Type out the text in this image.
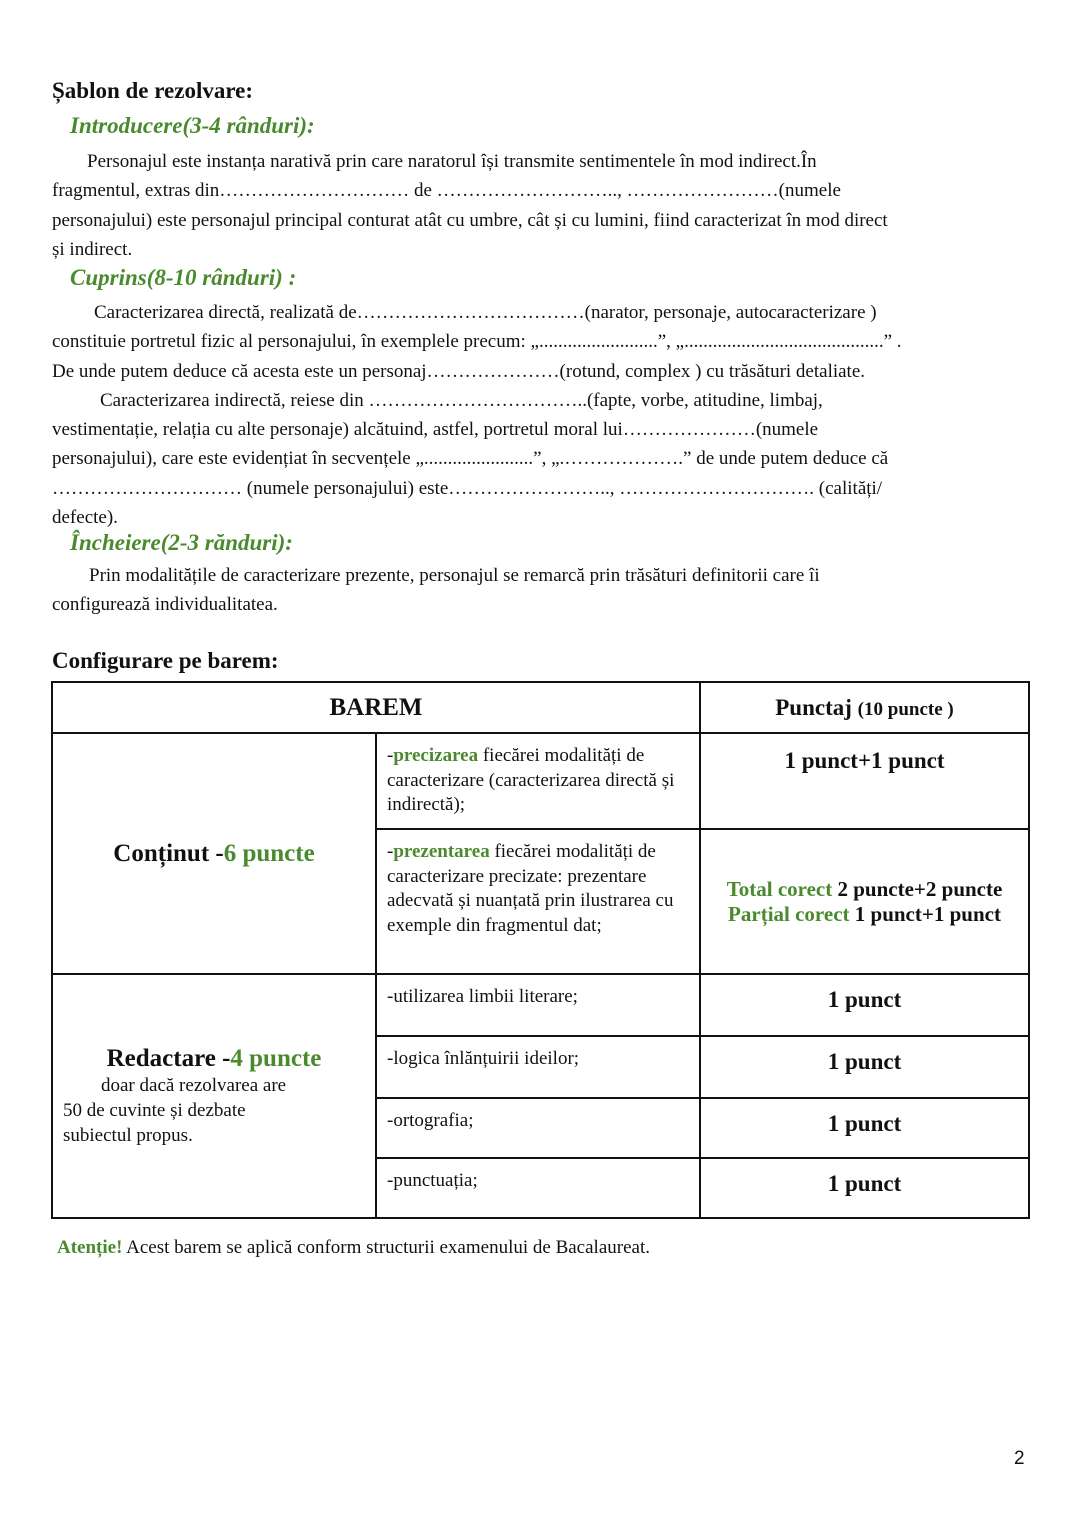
Șablon de rezolvare:
Introducere(3-4 rânduri):
Personajul este instanța narativă prin care naratorul își transmite sentimentele în mod indirect.În
fragmentul, extras din………………………… de ……………………….., ……………………(numele
personajului) este personajul principal conturat atât cu umbre, cât și cu lumini, fiind caracterizat în mod direct
și indirect.
Cuprins(8-10 rânduri) :
Caracterizarea directă, realizată de………………………………(narator, personaje, autocaracterizare )
constituie portretul fizic al personajului, în exemplele precum: „.........................”, „..........................................” .
De unde putem deduce că acesta este un personaj…………………(rotund, complex ) cu trăsături detaliate.
Caracterizarea indirectă, reiese din ……………………………..(fapte, vorbe, atitudine, limbaj,
vestimentație, relația cu alte personaje) alcătuind, astfel, portretul moral lui…………………(numele
personajului), care este evidențiat în secvențele „.......................”, „.……………….” de unde putem deduce că
………………………… (numele personajului) este…………………….., …………………………. (calități/
defecte).
Încheiere(2-3 rănduri):
Prin modalitățile de caracterizare prezente, personajul se remarcă prin trăsături definitorii care îi
configurează individualitatea.
Configurare pe barem:
BAREM		Punctaj (10 puncte )
Conținut -6 puncte	-precizarea fiecărei modalități de caracterizare (caracterizarea directă și indirectă);	1 punct+1 punct
	-prezentarea fiecărei modalități de caracterizare precizate: prezentare adecvată și nuanțată prin ilustrarea cu exemple din fragmentul dat;	Total corect 2 puncte+2 puncte
Parțial corect 1 punct+1 punct

Redactare -4 puncte
doar dacă rezolvarea are
50 de cuvinte și dezbate
subiectul propus.	-utilizarea limbii literare;	1 punct
	-logica înlănțuirii ideilor;	1 punct
	-ortografia;	1 punct
	-punctuația;	1 punct
Atenție! Acest barem se aplică conform structurii examenului de Bacalaureat.
2
